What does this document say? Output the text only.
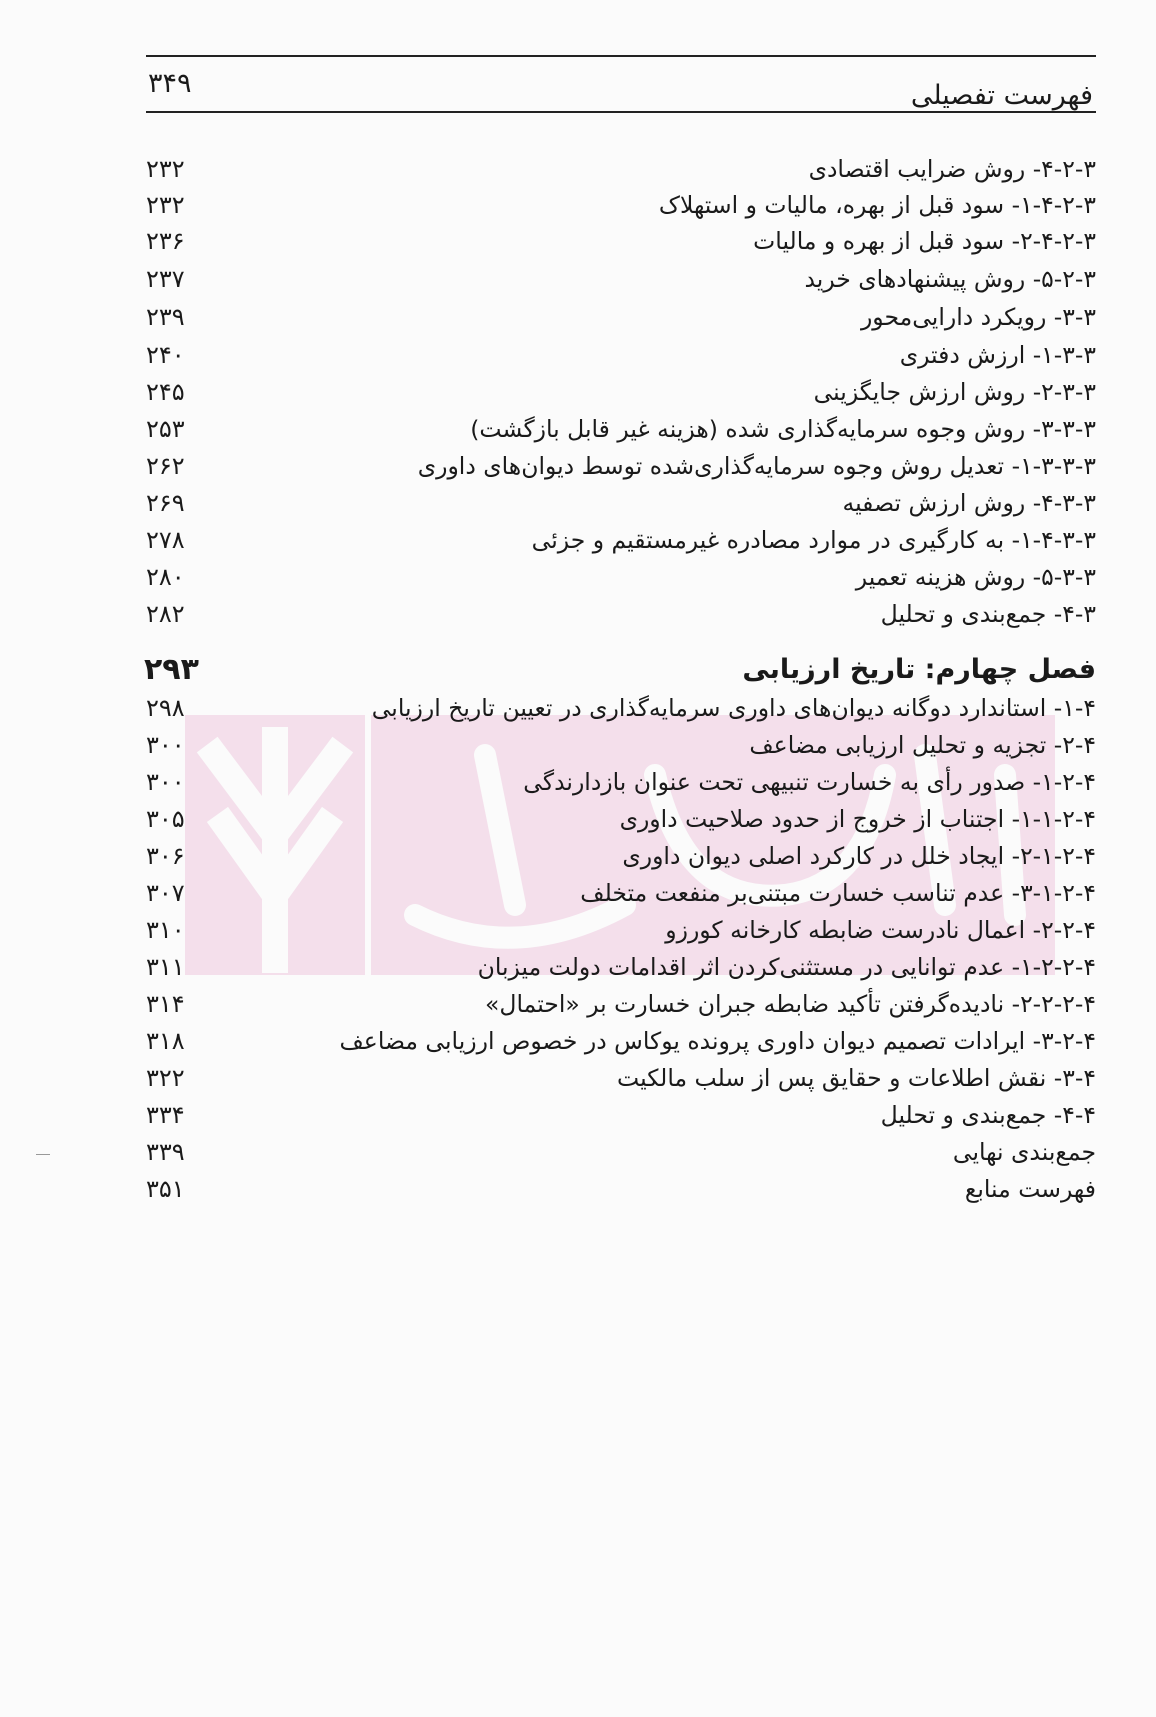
۳۴۹	فهرست تفصیلی
۴-۲-۳- روش ضرایب اقتصادی
۲۳۲
۱-۴-۲-۳- سود قبل از بهره، مالیات و استهلاک
۲۳۲
۲-۴-۲-۳- سود قبل از بهره و مالیات
۲۳۶
۵-۲-۳- روش پیشنهادهای خرید
۲۳۷
۳-۳- رویکرد دارایی‌محور
۲۳۹
۱-۳-۳- ارزش دفتری
۲۴۰
۲-۳-۳- روش ارزش جایگزینی
۲۴۵
۳-۳-۳- روش وجوه سرمایه‌گذاری شده (هزینه غیر قابل بازگشت)
۲۵۳
۱-۳-۳-۳- تعدیل روش وجوه سرمایه‌گذاری‌شده توسط دیوان‌های داوری
۲۶۲
۴-۳-۳- روش ارزش تصفیه
۲۶۹
۱-۴-۳-۳- به کارگیری در موارد مصادره غیرمستقیم و جزئی
۲۷۸
۵-۳-۳- روش هزینه تعمیر
۲۸۰
۴-۳- جمع‌بندی و تحلیل
۲۸۲
فصل چهارم: تاریخ ارزیابی
۲۹۳
۱-۴- استاندارد دوگانه دیوان‌های داوری سرمایه‌گذاری در تعیین تاریخ ارزیابی
۲۹۸
۲-۴- تجزیه و تحلیل ارزیابی مضاعف
۳۰۰
۱-۲-۴- صدور رأی به خسارت تنبیهی تحت عنوان بازدارندگی
۳۰۰
۱-۱-۲-۴- اجتناب از خروج از حدود صلاحیت داوری
۳۰۵
۲-۱-۲-۴- ایجاد خلل در کارکرد اصلی دیوان داوری
۳۰۶
۳-۱-۲-۴- عدم تناسب خسارت مبتنی‌بر منفعت متخلف
۳۰۷
۲-۲-۴- اعمال نادرست ضابطه کارخانه کورزو
۳۱۰
۱-۲-۲-۴- عدم توانایی در مستثنی‌کردن اثر اقدامات دولت میزبان
۳۱۱
۲-۲-۲-۴- نادیده‌گرفتن تأکید ضابطه جبران خسارت بر «احتمال»
۳۱۴
۳-۲-۴- ایرادات تصمیم دیوان داوری پرونده یوکاس در خصوص ارزیابی مضاعف
۳۱۸
۳-۴- نقش اطلاعات و حقایق پس از سلب مالکیت
۳۲۲
۴-۴- جمع‌بندی و تحلیل
۳۳۴
جمع‌بندی نهایی
۳۳۹
فهرست منابع
۳۵۱
